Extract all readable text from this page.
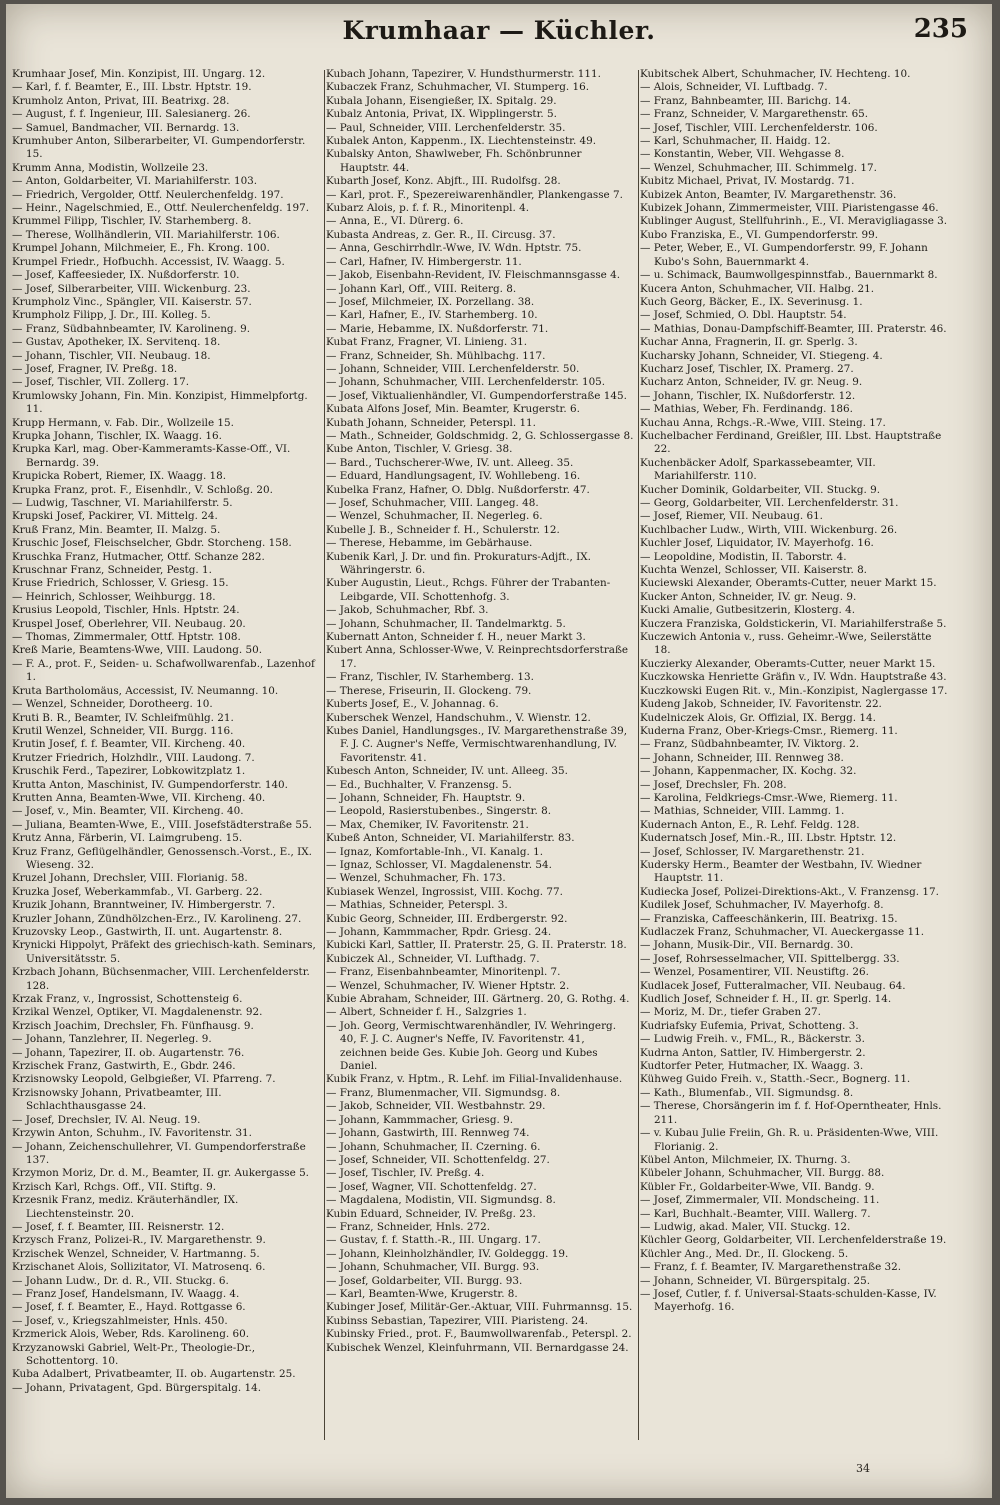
Krumhaar — Küchler.	235

Krumhaar Josef, Min. Konzipist, III. Ungarg. 12.

— Karl, f. f. Beamter, E., III. Lbstr. Hptstr. 19.

Krumholz Anton, Privat, III. Beatrixg. 28.

— August, f. f. Ingenieur, III. Salesianerg. 26.

— Samuel, Bandmacher, VII. Bernardg. 13.

Krumhuber Anton, Silberarbeiter, VI. Gumpendorferstr. 15.

Krumm Anna, Modistin, Wollzeile 23.

— Anton, Goldarbeiter, VI. Mariahilferstr. 103.

— Friedrich, Vergolder, Ottf. Neulerchenfeldg. 197.

— Heinr., Nagelschmied, E., Ottf. Neulerchenfeldg. 197.

Krummel Filipp, Tischler, IV. Starhemberg. 8.

— Therese, Wollhändlerin, VII. Mariahilferstr. 106.

Krumpel Johann, Milchmeier, E., Fh. Krong. 100.

Krumpel Friedr., Hofbuchh. Accessist, IV. Waagg. 5.

— Josef, Kaffeesieder, IX. Nußdorferstr. 10.

— Josef, Silberarbeiter, VIII. Wickenburg. 23.

Krumpholz Vinc., Spängler, VII. Kaiserstr. 57.

Krumpholz Filipp, J. Dr., III. Kolleg. 5.

— Franz, Südbahnbeamter, IV. Karolineng. 9.

— Gustav, Apotheker, IX. Servitenq. 18.

— Johann, Tischler, VII. Neubaug. 18.

— Josef, Fragner, IV. Preßg. 18.

— Josef, Tischler, VII. Zollerg. 17.

Krumlowsky Johann, Fin. Min. Konzipist, Himmelpfortg. 11.

Krupp Hermann, v. Fab. Dir., Wollzeile 15.

Krupka Johann, Tischler, IX. Waagg. 16.

Krupka Karl, mag. Ober-Kammeramts-Kasse-Off., VI. Bernardg. 39.

Krupicka Robert, Riemer, IX. Waagg. 18.

Krupka Franz, prot. F., Eisenhdlr., V. Schloßg. 20.

— Ludwig, Taschner, VI. Mariahilferstr. 5.

Krupski Josef, Packirer, VI. Mittelg. 24.

Kruß Franz, Min. Beamter, II. Malzg. 5.

Kruschic Josef, Fleischselcher, Gbdr. Storcheng. 158.

Kruschka Franz, Hutmacher, Ottf. Schanze 282.

Kruschnar Franz, Schneider, Pestg. 1.

Kruse Friedrich, Schlosser, V. Griesg. 15.

— Heinrich, Schlosser, Weihburgg. 18.

Krusius Leopold, Tischler, Hnls. Hptstr. 24.

Kruspel Josef, Oberlehrer, VII. Neubaug. 20.

— Thomas, Zimmermaler, Ottf. Hptstr. 108.

Kreß Marie, Beamtens-Wwe, VIII. Laudong. 50.

— F. A., prot. F., Seiden- u. Schafwollwarenfab., Lazenhof 1.

Kruta Bartholomäus, Accessist, IV. Neumanng. 10.

— Wenzel, Schneider, Dorotheerg. 10.

Kruti B. R., Beamter, IV. Schleifmühlg. 21.

Krutil Wenzel, Schneider, VII. Burgg. 116.

Krutin Josef, f. f. Beamter, VII. Kircheng. 40.

Krutzer Friedrich, Holzhdlr., VIII. Laudong. 7.

Kruschik Ferd., Tapezirer, Lobkowitzplatz 1.

Krutta Anton, Maschinist, IV. Gumpendorferstr. 140.

Krutten Anna, Beamten-Wwe, VII. Kircheng. 40.

— Josef, v., Min. Beamter, VII. Kircheng. 40.

— Juliana, Beamten-Wwe, E., VIII. Josefstädterstraße 55.

Krutz Anna, Färberin, VI. Laimgrubeng. 15.

Kruz Franz, Geflügelhändler, Genossensch.-Vorst., E., IX. Wieseng. 32.

Kruzel Johann, Drechsler, VIII. Florianig. 58.

Kruzka Josef, Weberkammfab., VI. Garberg. 22.

Kruzik Johann, Branntweiner, IV. Himbergerstr. 7.

Kruzler Johann, Zündhölzchen-Erz., IV. Karolineng. 27.

Kruzovsky Leop., Gastwirth, II. unt. Augartenstr. 8.

Krynicki Hippolyt, Präfekt des griechisch-kath. Seminars, Universitätsstr. 5.

Krzbach Johann, Büchsenmacher, VIII. Lerchenfelderstr. 128.

Krzak Franz, v., Ingrossist, Schottensteig 6.

Krzikal Wenzel, Optiker, VI. Magdalenenstr. 92.

Krzisch Joachim, Drechsler, Fh. Fünfhausg. 9.

— Johann, Tanzlehrer, II. Negerleg. 9.

— Johann, Tapezirer, II. ob. Augartenstr. 76.

Krzischek Franz, Gastwirth, E., Gbdr. 246.

Krzisnowsky Leopold, Gelbgießer, VI. Pfarreng. 7.

Krzisnowsky Johann, Privatbeamter, III. Schlachthausgasse 24.

— Josef, Drechsler, IV. Al. Neug. 19.

Krzywin Anton, Schuhm., IV. Favoritenstr. 31.

— Johann, Zeichenschullehrer, VI. Gumpendorferstraße 137.

Krzymon Moriz, Dr. d. M., Beamter, II. gr. Aukergasse 5.

Krzisch Karl, Rchgs. Off., VII. Stiftg. 9.

Krzesnik Franz, mediz. Kräuterhändler, IX. Liechtensteinstr. 20.

— Josef, f. f. Beamter, III. Reisnerstr. 12.

Krzysch Franz, Polizei-R., IV. Margarethenstr. 9.

Krzischek Wenzel, Schneider, V. Hartmanng. 5.

Krzischanet Alois, Sollizitator, VI. Matrosenq. 6.

— Johann Ludw., Dr. d. R., VII. Stuckg. 6.

— Franz Josef, Handelsmann, IV. Waagg. 4.

— Josef, f. f. Beamter, E., Hayd. Rottgasse 6.

— Josef, v., Kriegszahlmeister, Hnls. 450.

Krzmerick Alois, Weber, Rds. Karolineng. 60.

Krzyzanowski Gabriel, Welt-Pr., Theologie-Dr., Schottentorg. 10.

Kuba Adalbert, Privatbeamter, II. ob. Augartenstr. 25.

— Johann, Privatagent, Gpd. Bürgerspitalg. 14.

Kubach Johann, Tapezirer, V. Hundsthurmerstr. 111.

Kubaczek Franz, Schuhmacher, VI. Stumperg. 16.

Kubala Johann, Eisengießer, IX. Spitalg. 29.

Kubalz Antonia, Privat, IX. Wipplingerstr. 5.

— Paul, Schneider, VIII. Lerchenfelderstr. 35.

Kubalek Anton, Kappenm., IX. Liechtensteinstr. 49.

Kubalsky Anton, Shawlweber, Fh. Schönbrunner Hauptstr. 44.

Kubarth Josef, Konz. Abjft., III. Rudolfsg. 28.

— Karl, prot. F., Spezereiwarenhändler, Plankengasse 7.

Kubarz Alois, p. f. f. R., Minoritenpl. 4.

— Anna, E., VI. Dürerg. 6.

Kubasta Andreas, z. Ger. R., II. Circusg. 37.

— Anna, Geschirrhdlr.-Wwe, IV. Wdn. Hptstr. 75.

— Carl, Hafner, IV. Himbergerstr. 11.

— Jakob, Eisenbahn-Revident, IV. Fleischmannsgasse 4.

— Johann Karl, Off., VIII. Reiterg. 8.

— Josef, Milchmeier, IX. Porzellang. 38.

— Karl, Hafner, E., IV. Starhemberg. 10.

— Marie, Hebamme, IX. Nußdorferstr. 71.

Kubat Franz, Fragner, VI. Linieng. 31.

— Franz, Schneider, Sh. Mühlbachg. 117.

— Johann, Schneider, VIII. Lerchenfelderstr. 50.

— Johann, Schuhmacher, VIII. Lerchenfelderstr. 105.

— Josef, Viktualienhändler, VI. Gumpendorferstraße 145.

Kubata Alfons Josef, Min. Beamter, Krugerstr. 6.

Kubath Johann, Schneider, Peterspl. 11.

— Math., Schneider, Goldschmidg. 2, G. Schlossergasse 8.

Kube Anton, Tischler, V. Griesg. 38.

— Bard., Tuchscherer-Wwe, IV. unt. Alleeg. 35.

— Eduard, Handlungsagent, IV. Wohllebeng. 16.

Kubelka Franz, Hafner, O. Dblg. Nußdorferstr. 47.

— Josef, Schuhmacher, VIII. Langeg. 48.

— Wenzel, Schuhmacher, II. Negerleg. 6.

Kubelle J. B., Schneider f. H., Schulerstr. 12.

— Therese, Hebamme, im Gebärhause.

Kubenik Karl, J. Dr. und fin. Prokuraturs-Adjft., IX. Währingerstr. 6.

Kuber Augustin, Lieut., Rchgs. Führer der Trabanten-Leibgarde, VII. Schottenhofg. 3.

— Jakob, Schuhmacher, Rbf. 3.

— Johann, Schuhmacher, II. Tandelmarktg. 5.

Kubernatt Anton, Schneider f. H., neuer Markt 3.

Kubert Anna, Schlosser-Wwe, V. Reinprechtsdorferstraße 17.

— Franz, Tischler, IV. Starhemberg. 13.

— Therese, Friseurin, II. Glockeng. 79.

Kuberts Josef, E., V. Johannag. 6.

Kuberschek Wenzel, Handschuhm., V. Wienstr. 12.

Kubes Daniel, Handlungsges., IV. Margarethenstraße 39, F. J. C. Augner's Neffe, Vermischtwarenhandlung, IV. Favoritenstr. 41.

Kubesch Anton, Schneider, IV. unt. Alleeg. 35.

— Ed., Buchhalter, V. Franzensg. 5.

— Johann, Schneider, Fh. Hauptstr. 9.

— Leopold, Rasierstubenbes., Singerstr. 8.

— Max, Chemiker, IV. Favoritenstr. 21.

Kubeß Anton, Schneider, VI. Mariahilferstr. 83.

— Ignaz, Komfortable-Inh., VI. Kanalg. 1.

— Ignaz, Schlosser, VI. Magdalenenstr. 54.

— Wenzel, Schuhmacher, Fh. 173.

Kubiasek Wenzel, Ingrossist, VIII. Kochg. 77.

— Mathias, Schneider, Peterspl. 3.

Kubic Georg, Schneider, III. Erdbergerstr. 92.

— Johann, Kammmacher, Rpdr. Griesg. 24.

Kubicki Karl, Sattler, II. Praterstr. 25, G. II. Praterstr. 18.

Kubiczek Al., Schneider, VI. Lufthadg. 7.

— Franz, Eisenbahnbeamter, Minoritenpl. 7.

— Wenzel, Schuhmacher, IV. Wiener Hptstr. 2.

Kubie Abraham, Schneider, III. Gärtnerg. 20, G. Rothg. 4.

— Albert, Schneider f. H., Salzgries 1.

— Joh. Georg, Vermischtwarenhändler, IV. Wehringerg. 40, F. J. C. Augner's Neffe, IV. Favoritenstr. 41, zeichnen beide Ges. Kubie Joh. Georg und Kubes Daniel.

Kubik Franz, v. Hptm., R. Lehf. im Filial-Invalidenhause.

— Franz, Blumenmacher, VII. Sigmundsg. 8.

— Jakob, Schneider, VII. Westbahnstr. 29.

— Johann, Kammmacher, Griesg. 9.

— Johann, Gastwirth, III. Rennweg 74.

— Johann, Schuhmacher, II. Czerning. 6.

— Josef, Schneider, VII. Schottenfeldg. 27.

— Josef, Tischler, IV. Preßg. 4.

— Josef, Wagner, VII. Schottenfeldg. 27.

— Magdalena, Modistin, VII. Sigmundsg. 8.

Kubin Eduard, Schneider, IV. Preßg. 23.

— Franz, Schneider, Hnls. 272.

— Gustav, f. f. Statth.-R., III. Ungarg. 17.

— Johann, Kleinholzhändler, IV. Goldeggg. 19.

— Johann, Schuhmacher, VII. Burgg. 93.

— Josef, Goldarbeiter, VII. Burgg. 93.

— Karl, Beamten-Wwe, Krugerstr. 8.

Kubinger Josef, Militär-Ger.-Aktuar, VIII. Fuhrmannsg. 15.

Kubinss Sebastian, Tapezirer, VIII. Piaristeng. 24.

Kubinsky Fried., prot. F., Baumwollwarenfab., Peterspl. 2.

Kubischek Wenzel, Kleinfuhrmann, VII. Bernardgasse 24.

Kubitschek Albert, Schuhmacher, IV. Hechteng. 10.

— Alois, Schneider, VI. Luftbadg. 7.

— Franz, Bahnbeamter, III. Barichg. 14.

— Franz, Schneider, V. Margarethenstr. 65.

— Josef, Tischler, VIII. Lerchenfelderstr. 106.

— Karl, Schuhmacher, II. Haidg. 12.

— Konstantin, Weber, VII. Wehgasse 8.

— Wenzel, Schuhmacher, III. Schimmelg. 17.

Kubitz Michael, Privat, IV. Mostardg. 71.

Kubizek Anton, Beamter, IV. Margarethenstr. 36.

Kubizek Johann, Zimmermeister, VIII. Piaristengasse 46.

Kublinger August, Stellfuhrinh., E., VI. Meravigliagasse 3.

Kubo Franziska, E., VI. Gumpendorferstr. 99.

— Peter, Weber, E., VI. Gumpendorferstr. 99, F. Johann Kubo's Sohn, Bauernmarkt 4.

— u. Schimack, Baumwollgespinnstfab., Bauernmarkt 8.

Kucera Anton, Schuhmacher, VII. Halbg. 21.

Kuch Georg, Bäcker, E., IX. Severinusg. 1.

— Josef, Schmied, O. Dbl. Hauptstr. 54.

— Mathias, Donau-Dampfschiff-Beamter, III. Praterstr. 46.

Kuchar Anna, Fragnerin, II. gr. Sperlg. 3.

Kucharsky Johann, Schneider, VI. Stiegeng. 4.

Kucharz Josef, Tischler, IX. Pramerg. 27.

Kucharz Anton, Schneider, IV. gr. Neug. 9.

— Johann, Tischler, IX. Nußdorferstr. 12.

— Mathias, Weber, Fh. Ferdinandg. 186.

Kuchau Anna, Rchgs.-R.-Wwe, VIII. Steing. 17.

Kuchelbacher Ferdinand, Greißler, III. Lbst. Hauptstraße 22.

Kuchenbäcker Adolf, Sparkassebeamter, VII. Mariahilferstr. 110.

Kucher Dominik, Goldarbeiter, VII. Stuckg. 9.

— Georg, Goldarbeiter, VII. Lerchenfelderstr. 31.

— Josef, Riemer, VII. Neubaug. 61.

Kuchlbacher Ludw., Wirth, VIII. Wickenburg. 26.

Kuchler Josef, Liquidator, IV. Mayerhofg. 16.

— Leopoldine, Modistin, II. Taborstr. 4.

Kuchta Wenzel, Schlosser, VII. Kaiserstr. 8.

Kuciewski Alexander, Oberamts-Cutter, neuer Markt 15.

Kucker Anton, Schneider, IV. gr. Neug. 9.

Kucki Amalie, Gutbesitzerin, Klosterg. 4.

Kuczera Franziska, Goldstickerin, VI. Mariahilferstraße 5.

Kuczewich Antonia v., russ. Geheimr.-Wwe, Seilerstätte 18.

Kuczierky Alexander, Oberamts-Cutter, neuer Markt 15.

Kuczkowska Henriette Gräfin v., IV. Wdn. Hauptstraße 43.

Kuczkowski Eugen Rit. v., Min.-Konzipist, Naglergasse 17.

Kudeng Jakob, Schneider, IV. Favoritenstr. 22.

Kudelniczek Alois, Gr. Offizial, IX. Bergg. 14.

Kuderna Franz, Ober-Kriegs-Cmsr., Riemerg. 11.

— Franz, Südbahnbeamter, IV. Viktorg. 2.

— Johann, Schneider, III. Rennweg 38.

— Johann, Kappenmacher, IX. Kochg. 32.

— Josef, Drechsler, Fh. 208.

— Karolina, Feldkriegs-Cmsr.-Wwe, Riemerg. 11.

— Mathias, Schneider, VIII. Lammg. 1.

Kudernach Anton, E., R. Lehf. Feldg. 128.

Kudernatsch Josef, Min.-R., III. Lbstr. Hptstr. 12.

— Josef, Schlosser, IV. Margarethenstr. 21.

Kudersky Herm., Beamter der Westbahn, IV. Wiedner Hauptstr. 11.

Kudiecka Josef, Polizei-Direktions-Akt., V. Franzensg. 17.

Kudilek Josef, Schuhmacher, IV. Mayerhofg. 8.

— Franziska, Caffeeschänkerin, III. Beatrixg. 15.

Kudlaczek Franz, Schuhmacher, VI. Aueckergasse 11.

— Johann, Musik-Dir., VII. Bernardg. 30.

— Josef, Rohrsesselmacher, VII. Spittelbergg. 33.

— Wenzel, Posamentirer, VII. Neustiftg. 26.

Kudlacek Josef, Futteralmacher, VII. Neubaug. 64.

Kudlich Josef, Schneider f. H., II. gr. Sperlg. 14.

— Moriz, M. Dr., tiefer Graben 27.

Kudriafsky Eufemia, Privat, Schotteng. 3.

— Ludwig Freih. v., FML., R., Bäckerstr. 3.

Kudrna Anton, Sattler, IV. Himbergerstr. 2.

Kudtorfer Peter, Hutmacher, IX. Waagg. 3.

Kühweg Guido Freih. v., Statth.-Secr., Bognerg. 11.

— Kath., Blumenfab., VII. Sigmundsg. 8.

— Therese, Chorsängerin im f. f. Hof-Operntheater, Hnls. 211.

— v. Kubau Julie Freiin, Gh. R. u. Präsidenten-Wwe, VIII. Florianig. 2.

Kübel Anton, Milchmeier, IX. Thurng. 3.

Kübeler Johann, Schuhmacher, VII. Burgg. 88.

Kübler Fr., Goldarbeiter-Wwe, VII. Bandg. 9.

— Josef, Zimmermaler, VII. Mondscheing. 11.

— Karl, Buchhalt.-Beamter, VIII. Wallerg. 7.

— Ludwig, akad. Maler, VII. Stuckg. 12.

Küchler Georg, Goldarbeiter, VII. Lerchenfelderstraße 19.

Küchler Ang., Med. Dr., II. Glockeng. 5.

— Franz, f. f. Beamter, IV. Margarethenstraße 32.

— Johann, Schneider, VI. Bürgerspitalg. 25.

— Josef, Cutler, f. f. Universal-Staats-schulden-Kasse, IV. Mayerhofg. 16.

34
